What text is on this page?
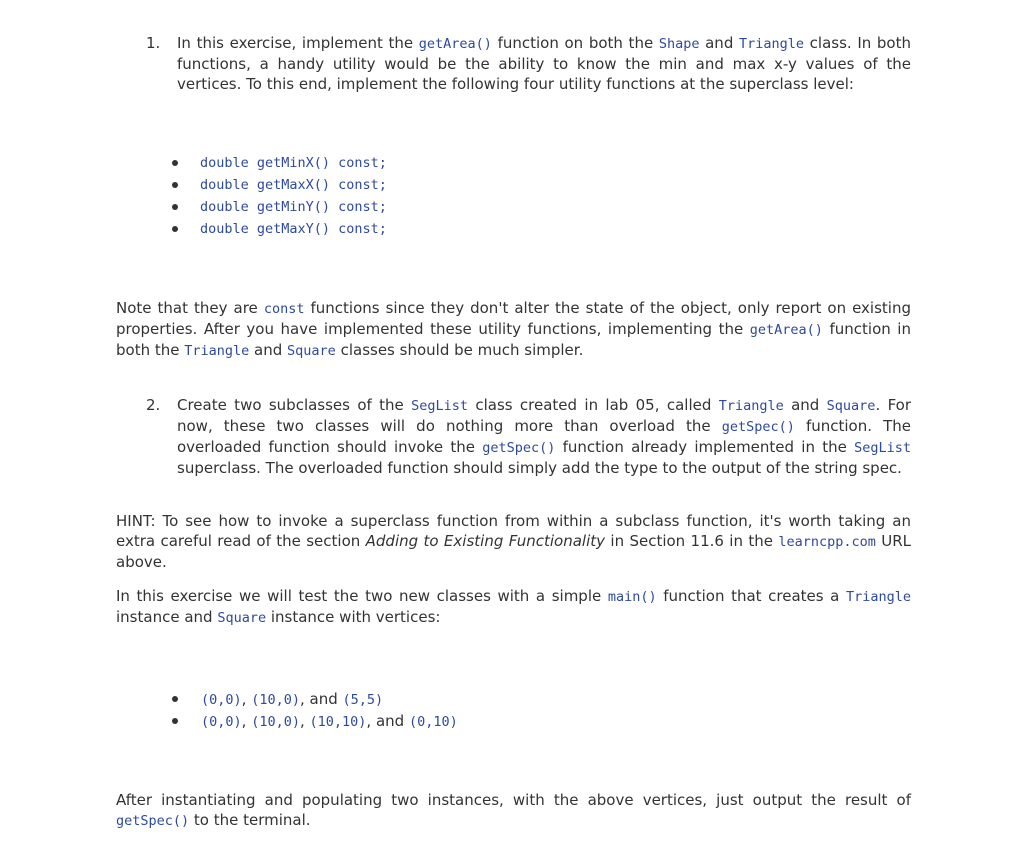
1. In this exercise, implement the getArea() function on both the Shape and Triangle class. In both functions, a handy utility would be the ability to know the min and max x-y values of the vertices. To this end, implement the following four utility functions at the superclass level:

double getMinX() const;
double getMaxX() const;
double getMinY() const;
double getMaxY() const;

Note that they are const functions since they don't alter the state of the object, only report on existing properties. After you have implemented these utility functions, implementing the getArea() function in both the Triangle and Square classes should be much simpler.

2. Create two subclasses of the SegList class created in lab 05, called Triangle and Square. For now, these two classes will do nothing more than overload the getSpec() function. The overloaded function should invoke the getSpec() function already implemented in the SegList superclass. The overloaded function should simply add the type to the output of the string spec.

HINT: To see how to invoke a superclass function from within a subclass function, it's worth taking an extra careful read of the section Adding to Existing Functionality in Section 11.6 in the learncpp.com URL above.

In this exercise we will test the two new classes with a simple main() function that creates a Triangle instance and Square instance with vertices:

(0,0), (10,0), and (5,5)
(0,0), (10,0), (10,10), and (0,10)

After instantiating and populating two instances, with the above vertices, just output the result of getSpec() to the terminal.
